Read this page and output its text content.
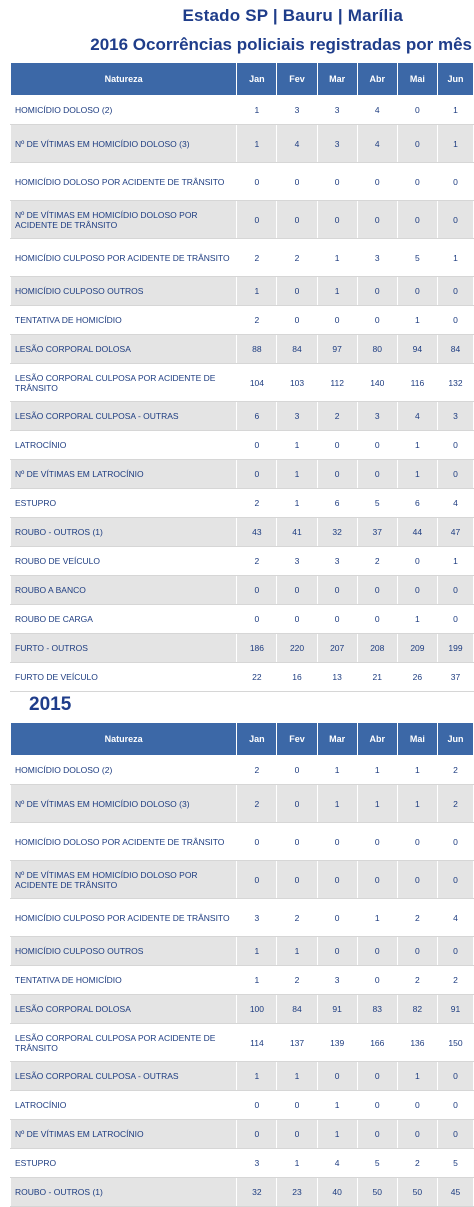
Estado SP | Bauru | Marília
2016 Ocorrências policiais registradas por mês
Natureza	Jan	Fev	Mar	Abr	Mai	Jun
HOMICÍDIO DOLOSO (2)	1	3	3	4	0	1
Nº DE VÍTIMAS EM HOMICÍDIO DOLOSO (3)	1	4	3	4	0	1
HOMICÍDIO DOLOSO POR ACIDENTE DE TRÂNSITO	0	0	0	0	0	0
Nº DE VÍTIMAS EM HOMICÍDIO DOLOSO POR ACIDENTE DE TRÂNSITO	0	0	0	0	0	0
HOMICÍDIO CULPOSO POR ACIDENTE DE TRÂNSITO	2	2	1	3	5	1
HOMICÍDIO CULPOSO OUTROS	1	0	1	0	0	0
TENTATIVA DE HOMICÍDIO	2	0	0	0	1	0
LESÃO CORPORAL DOLOSA	88	84	97	80	94	84
LESÃO CORPORAL CULPOSA POR ACIDENTE DE TRÂNSITO	104	103	112	140	116	132
LESÃO CORPORAL CULPOSA - OUTRAS	6	3	2	3	4	3
LATROCÍNIO	0	1	0	0	1	0
Nº DE VÍTIMAS EM LATROCÍNIO	0	1	0	0	1	0
ESTUPRO	2	1	6	5	6	4
ROUBO - OUTROS (1)	43	41	32	37	44	47
ROUBO DE VEÍCULO	2	3	3	2	0	1
ROUBO A BANCO	0	0	0	0	0	0
ROUBO DE CARGA	0	0	0	0	1	0
FURTO - OUTROS	186	220	207	208	209	199
FURTO DE VEÍCULO	22	16	13	21	26	37
2015
Natureza	Jan	Fev	Mar	Abr	Mai	Jun
HOMICÍDIO DOLOSO (2)	2	0	1	1	1	2
Nº DE VÍTIMAS EM HOMICÍDIO DOLOSO (3)	2	0	1	1	1	2
HOMICÍDIO DOLOSO POR ACIDENTE DE TRÂNSITO	0	0	0	0	0	0
Nº DE VÍTIMAS EM HOMICÍDIO DOLOSO POR ACIDENTE DE TRÂNSITO	0	0	0	0	0	0
HOMICÍDIO CULPOSO POR ACIDENTE DE TRÂNSITO	3	2	0	1	2	4
HOMICÍDIO CULPOSO OUTROS	1	1	0	0	0	0
TENTATIVA DE HOMICÍDIO	1	2	3	0	2	2
LESÃO CORPORAL DOLOSA	100	84	91	83	82	91
LESÃO CORPORAL CULPOSA POR ACIDENTE DE TRÂNSITO	114	137	139	166	136	150
LESÃO CORPORAL CULPOSA - OUTRAS	1	1	0	0	1	0
LATROCÍNIO	0	0	1	0	0	0
Nº DE VÍTIMAS EM LATROCÍNIO	0	0	1	0	0	0
ESTUPRO	3	1	4	5	2	5
ROUBO - OUTROS (1)	32	23	40	50	50	45
